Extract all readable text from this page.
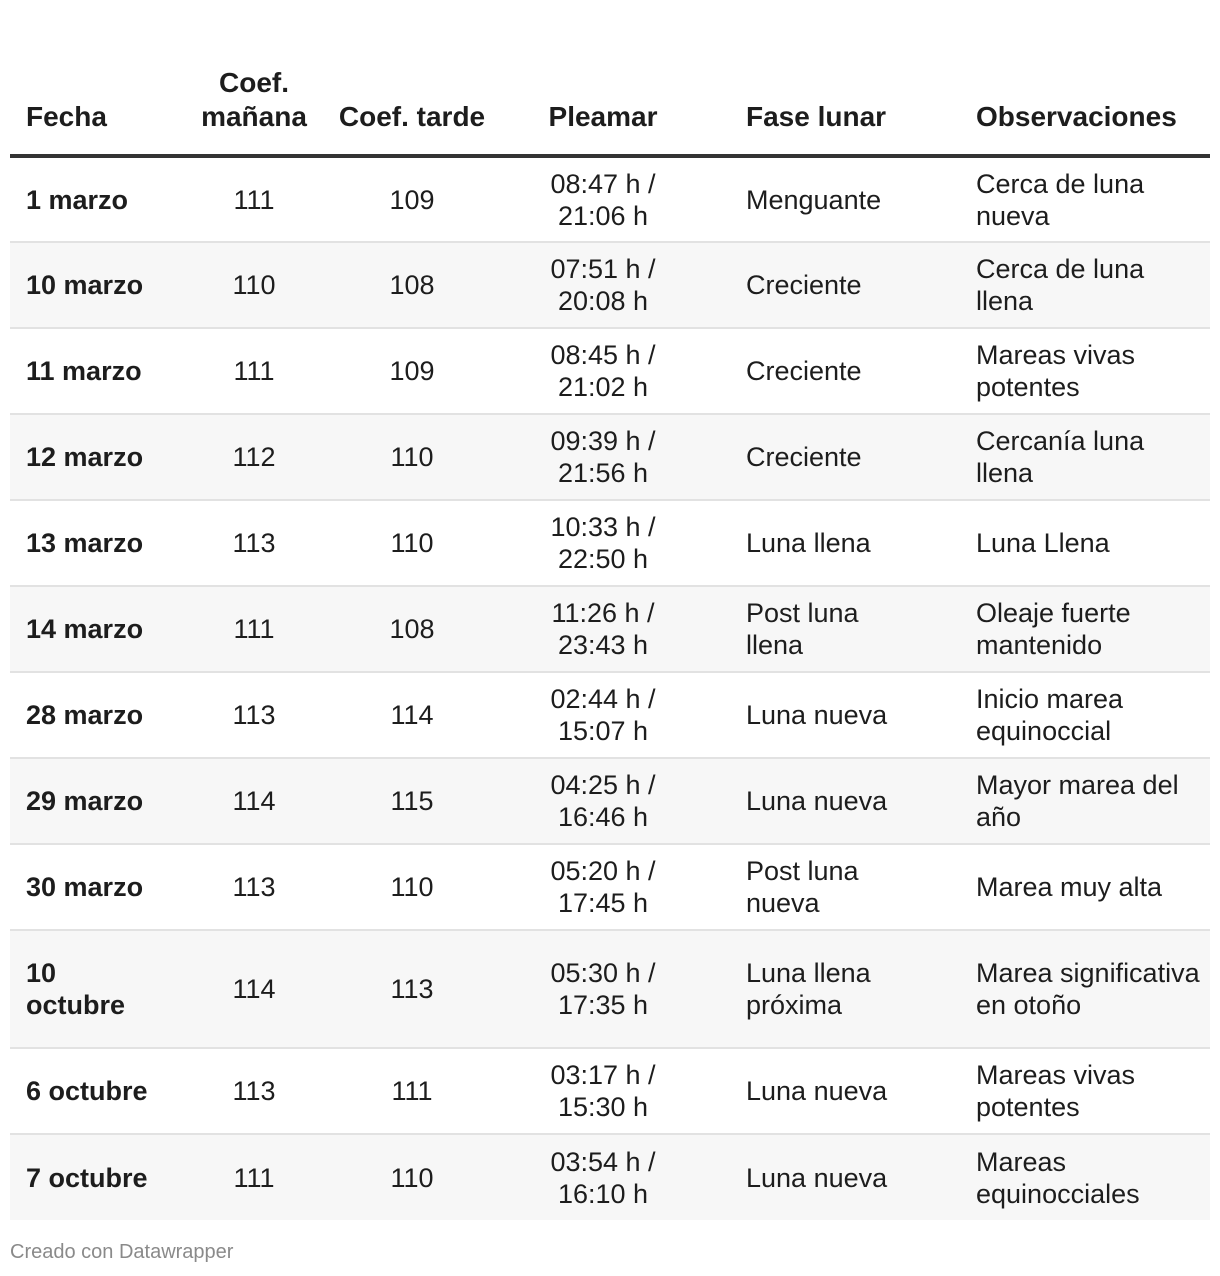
Fecha	Coef. mañana	Coef. tarde	Pleamar	Fase lunar	Observaciones
1 marzo	111	109	08:47 h / 21:06 h	Menguante	Cerca de luna nueva
10 marzo	110	108	07:51 h / 20:08 h	Creciente	Cerca de luna llena
11 marzo	111	109	08:45 h / 21:02 h	Creciente	Mareas vivas potentes
12 marzo	112	110	09:39 h / 21:56 h	Creciente	Cercanía luna llena
13 marzo	113	110	10:33 h / 22:50 h	Luna llena	Luna Llena
14 marzo	111	108	11:26 h / 23:43 h	Post luna llena	Oleaje fuerte mantenido
28 marzo	113	114	02:44 h / 15:07 h	Luna nueva	Inicio marea equinoccial
29 marzo	114	115	04:25 h / 16:46 h	Luna nueva	Mayor marea del año
30 marzo	113	110	05:20 h / 17:45 h	Post luna nueva	Marea muy alta
10 octubre	114	113	05:30 h / 17:35 h	Luna llena próxima	Marea significativa en otoño
6 octubre	113	111	03:17 h / 15:30 h	Luna nueva	Mareas vivas potentes
7 octubre	111	110	03:54 h / 16:10 h	Luna nueva	Mareas equinocciales
Creado con Datawrapper
